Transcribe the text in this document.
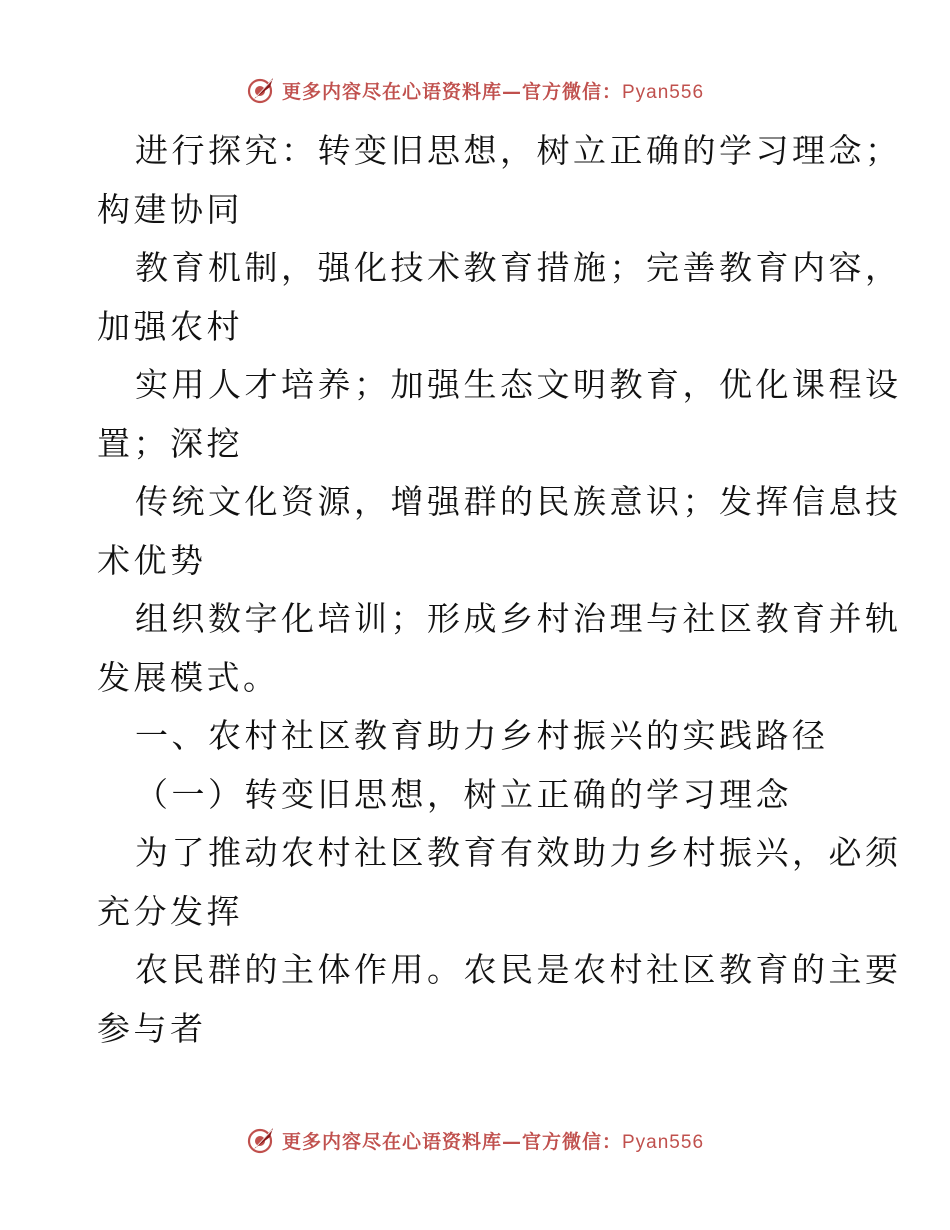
更多内容尽在心语资料库—官方微信：Pyan556
进行探究：转变旧思想，树立正确的学习理念；
构建协同
教育机制，强化技术教育措施；完善教育内容，
加强农村
实用人才培养；加强生态文明教育，优化课程设
置；深挖
传统文化资源，增强群的民族意识；发挥信息技
术优势
组织数字化培训；形成乡村治理与社区教育并轨
发展模式。
一、农村社区教育助力乡村振兴的实践路径
（一）转变旧思想，树立正确的学习理念
为了推动农村社区教育有效助力乡村振兴，必须
充分发挥
农民群的主体作用。农民是农村社区教育的主要
参与者
更多内容尽在心语资料库—官方微信：Pyan556
